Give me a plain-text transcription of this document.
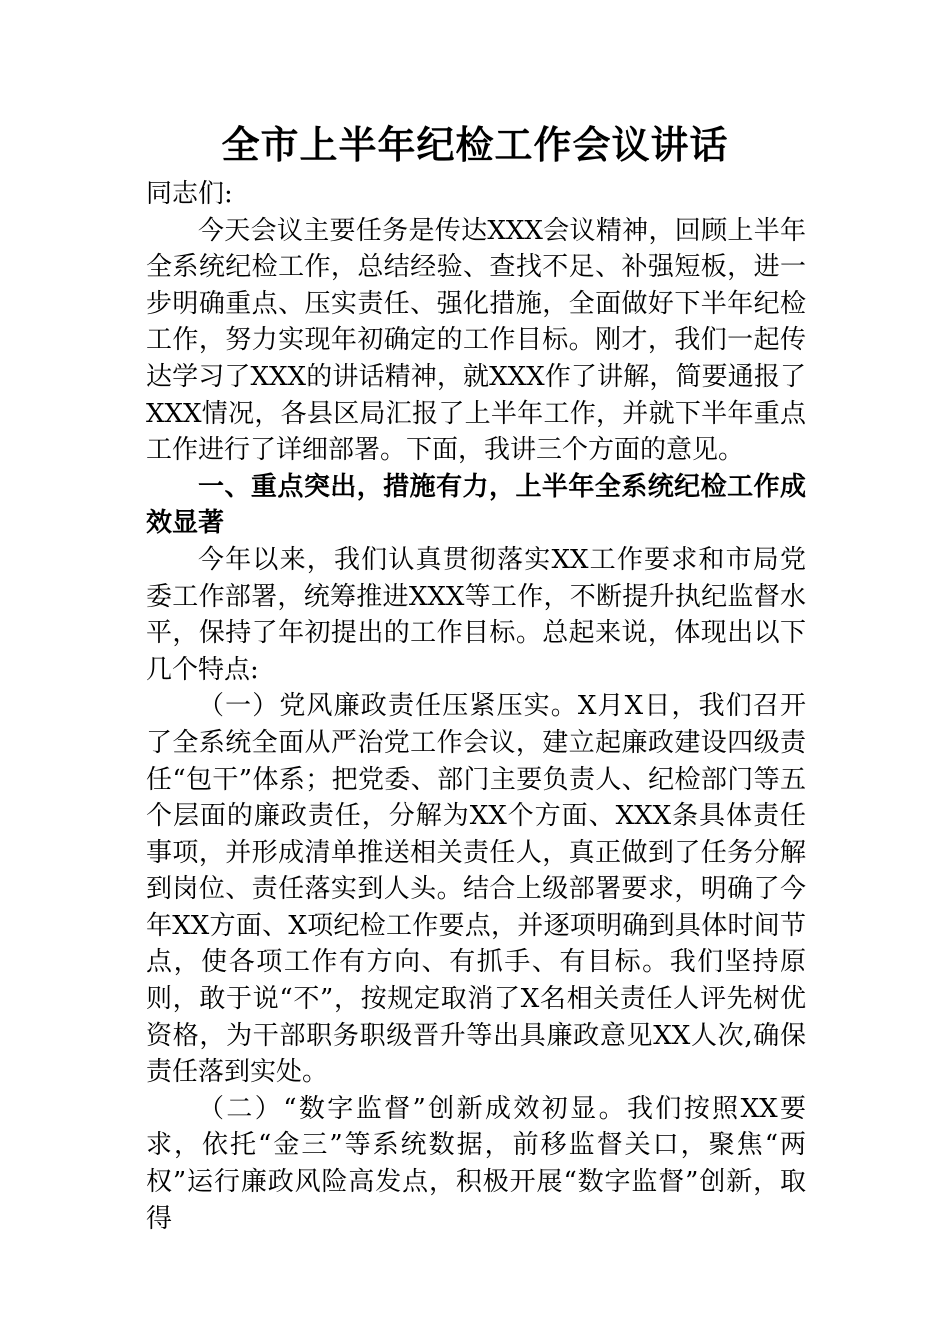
全市上半年纪检工作会议讲话

同志们:

今天会议主要任务是传达XXX会议精神，回顾上半年全系统纪检工作，总结经验、查找不足、补强短板，进一步明确重点、压实责任、强化措施，全面做好下半年纪检工作，努力实现年初确定的工作目标。刚才，我们一起传达学习了XXX的讲话精神，就XXX作了讲解，简要通报了XXX情况，各县区局汇报了上半年工作，并就下半年重点工作进行了详细部署。下面，我讲三个方面的意见。

一、重点突出，措施有力，上半年全系统纪检工作成效显著

今年以来，我们认真贯彻落实XX工作要求和市局党委工作部署，统筹推进XXX等工作，不断提升执纪监督水平，保持了年初提出的工作目标。总起来说，体现出以下几个特点:

（一）党风廉政责任压紧压实。X月X日，我们召开了全系统全面从严治党工作会议，建立起廉政建设四级责任“包干”体系；把党委、部门主要负责人、纪检部门等五个层面的廉政责任，分解为XX个方面、XXX条具体责任事项，并形成清单推送相关责任人，真正做到了任务分解到岗位、责任落实到人头。结合上级部署要求，明确了今年XX方面、X项纪检工作要点，并逐项明确到具体时间节点，使各项工作有方向、有抓手、有目标。我们坚持原则，敢于说“不”，按规定取消了X名相关责任人评先树优资格，为干部职务职级晋升等出具廉政意见XX人次,确保责任落到实处。

（二）“数字监督”创新成效初显。我们按照XX要求，依托“金三”等系统数据，前移监督关口，聚焦“两权”运行廉政风险高发点，积极开展“数字监督”创新，取得
